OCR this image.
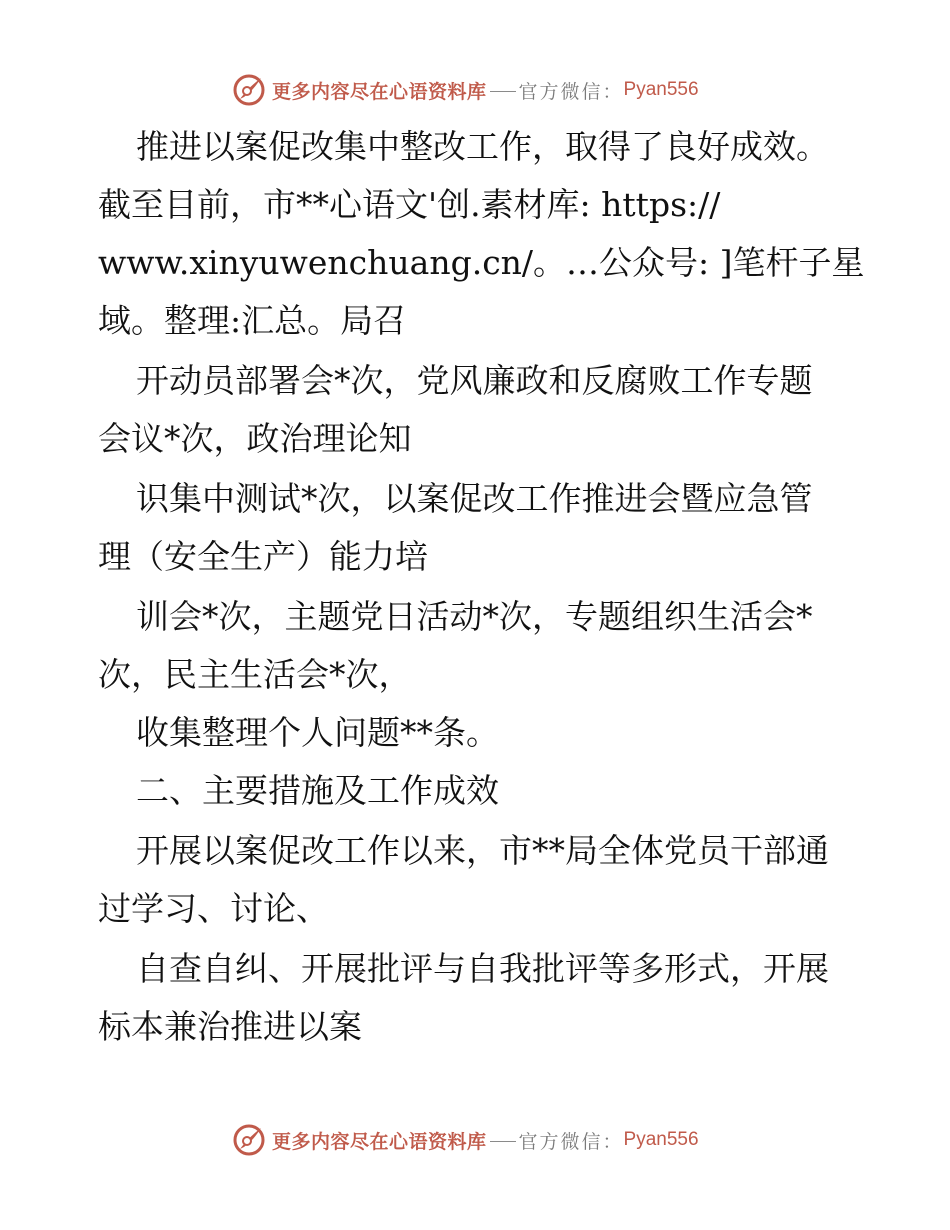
更多内容尽在心语资料库 官方微信： Pyan556
推进以案促改集中整改工作，取得了良好成效。
截至目前，市**心语文'创.素材库: https://
www.xinyuwenchuang.cn/。…公众号: ]笔杆子星
域。整理:汇总。局召
开动员部署会*次，党风廉政和反腐败工作专题
会议*次，政治理论知
识集中测试*次，以案促改工作推进会暨应急管
理（安全生产）能力培
训会*次，主题党日活动*次，专题组织生活会*
次，民主生活会*次，
收集整理个人问题**条。
二、主要措施及工作成效
开展以案促改工作以来，市**局全体党员干部通
过学习、讨论、
自查自纠、开展批评与自我批评等多形式，开展
标本兼治推进以案
更多内容尽在心语资料库 官方微信： Pyan556
